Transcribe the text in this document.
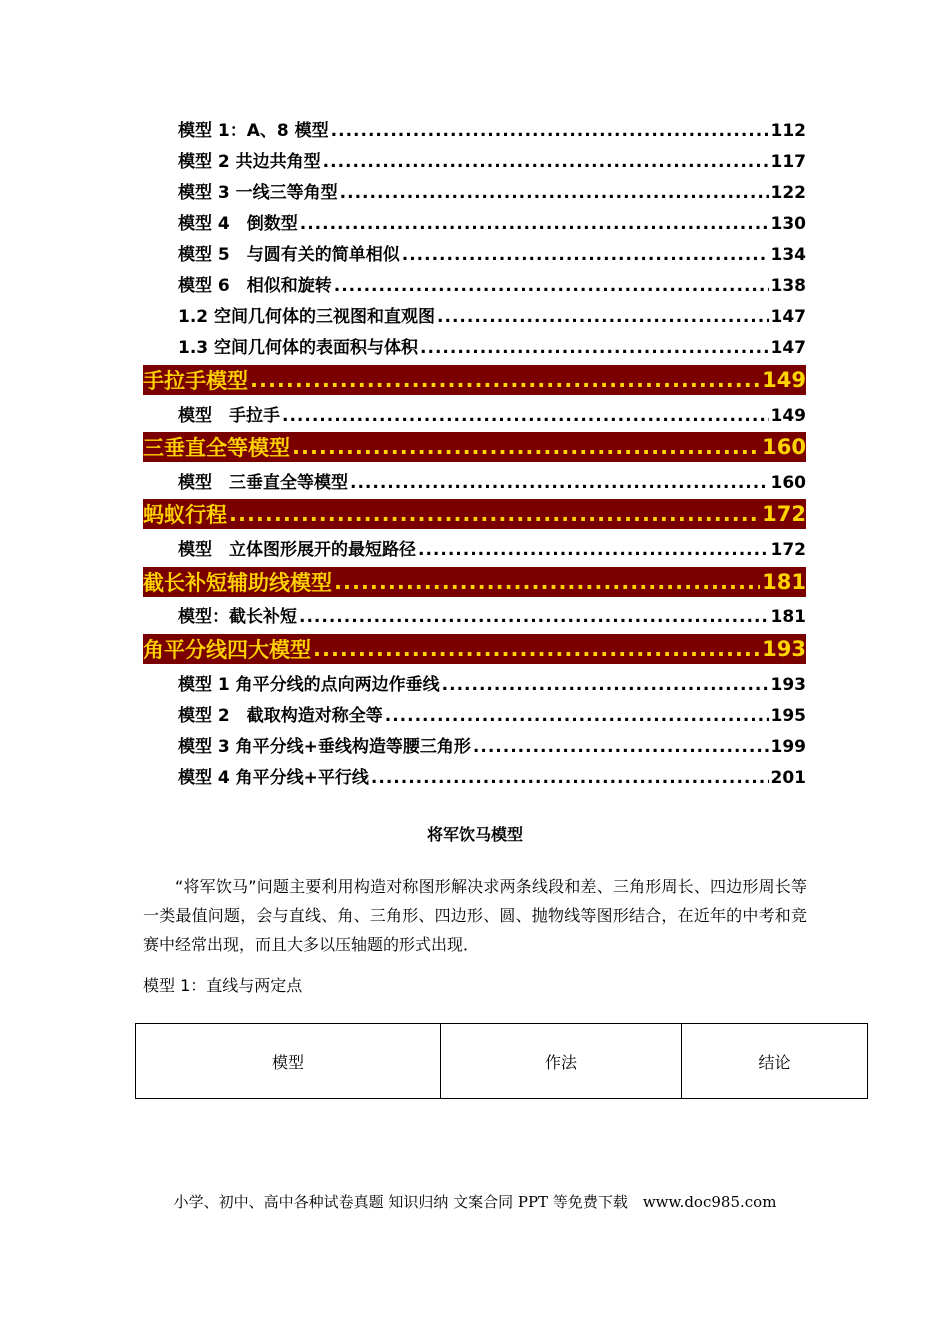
模型 1：A、8 模型 .....	112
模型 2 共边共角型 .....	117
模型 3 一线三等角型 .....	122
模型 4　倒数型 .....	130
模型 5　与圆有关的简单相似 .....	134
模型 6　相似和旋转 .....	138
1.2 空间几何体的三视图和直观图 .....	147
1.3 空间几何体的表面积与体积 .....	147
手拉手模型 .....	149
模型　手拉手 .....	149
三垂直全等模型 .....	160
模型　三垂直全等模型 .....	160
蚂蚁行程 .....	172
模型　立体图形展开的最短路径 .....	172
截长补短辅助线模型 .....	181
模型：截长补短 .....	181
角平分线四大模型 .....	193
模型 1 角平分线的点向两边作垂线 .....	193
模型 2　截取构造对称全等 .....	195
模型 3 角平分线+垂线构造等腰三角形 .....	199
模型 4 角平分线+平行线 .....	201
将军饮马模型

“将军饮马”问题主要利用构造对称图形解决求两条线段和差、三角形周长、四边形周长等一类最值问题，会与直线、角、三角形、四边形、圆、抛物线等图形结合，在近年的中考和竞赛中经常出现，而且大多以压轴题的形式出现．

模型 1：直线与两定点
模型	作法	结论
小学、初中、高中各种试卷真题 知识归纳 文案合同 PPT 等免费下载　www.doc985.com
